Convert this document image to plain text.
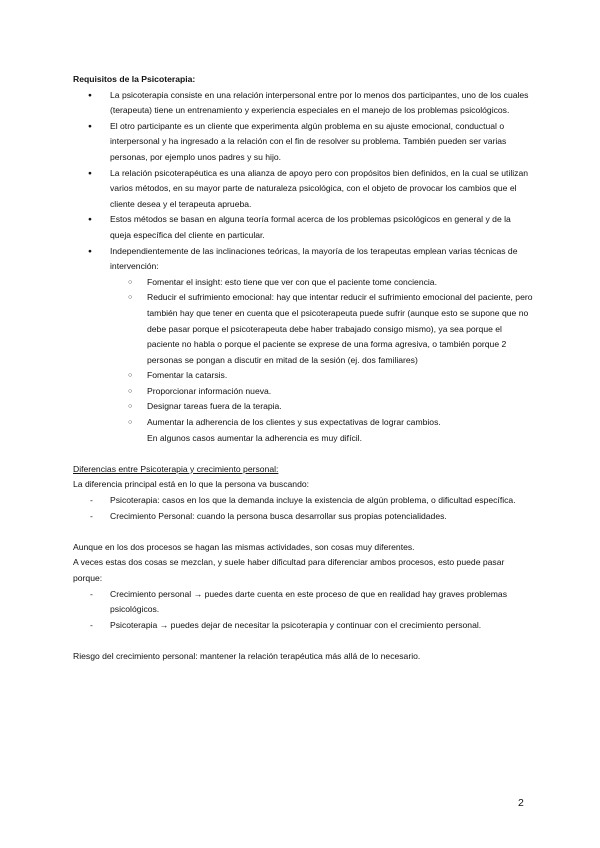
Requisitos de la Psicoterapia:

● La psicoterapia consiste en una relación interpersonal entre por lo menos dos participantes, uno de los cuales (terapeuta) tiene un entrenamiento y experiencia especiales en el manejo de los problemas psicológicos.
● El otro participante es un cliente que experimenta algún problema en su ajuste emocional, conductual o interpersonal y ha ingresado a la relación con el fin de resolver su problema. También pueden ser varias personas, por ejemplo unos padres y su hijo.
● La relación psicoterapéutica es una alianza de apoyo pero con propósitos bien definidos, en la cual se utilizan varios métodos, en su mayor parte de naturaleza psicológica, con el objeto de provocar los cambios que el cliente desea y el terapeuta aprueba.
● Estos métodos se basan en alguna teoría formal acerca de los problemas psicológicos en general y de la queja específica del cliente en particular.
● Independientemente de las inclinaciones teóricas, la mayoría de los terapeutas emplean varias técnicas de intervención:
○ Fomentar el insight: esto tiene que ver con que el paciente tome conciencia.
○ Reducir el sufrimiento emocional: hay que intentar reducir el sufrimiento emocional del paciente, pero también hay que tener en cuenta que el psicoterapeuta puede sufrir (aunque esto se supone que no debe pasar porque el psicoterapeuta debe haber trabajado consigo mismo), ya sea porque el paciente no habla o porque el paciente se exprese de una forma agresiva, o también porque 2 personas se pongan a discutir en mitad de la sesión (ej. dos familiares)
○ Fomentar la catarsis.
○ Proporcionar información nueva.
○ Designar tareas fuera de la terapia.
○ Aumentar la adherencia de los clientes y sus expectativas de lograr cambios.
En algunos casos aumentar la adherencia es muy difícil.

Diferencias entre Psicoterapia y crecimiento personal:

La diferencia principal está en lo que la persona va buscando:

- Psicoterapia: casos en los que la demanda incluye la existencia de algún problema, o dificultad específica.
- Crecimiento Personal: cuando la persona busca desarrollar sus propias potencialidades.

Aunque en los dos procesos se hagan las mismas actividades, son cosas muy diferentes.

A veces estas dos cosas se mezclan, y suele haber dificultad para diferenciar ambos procesos, esto puede pasar porque:

- Crecimiento personal → puedes darte cuenta en este proceso de que en realidad hay graves problemas psicológicos.
- Psicoterapia → puedes dejar de necesitar la psicoterapia y continuar con el crecimiento personal.

Riesgo del crecimiento personal: mantener la relación terapéutica más allá de lo necesario.

2
